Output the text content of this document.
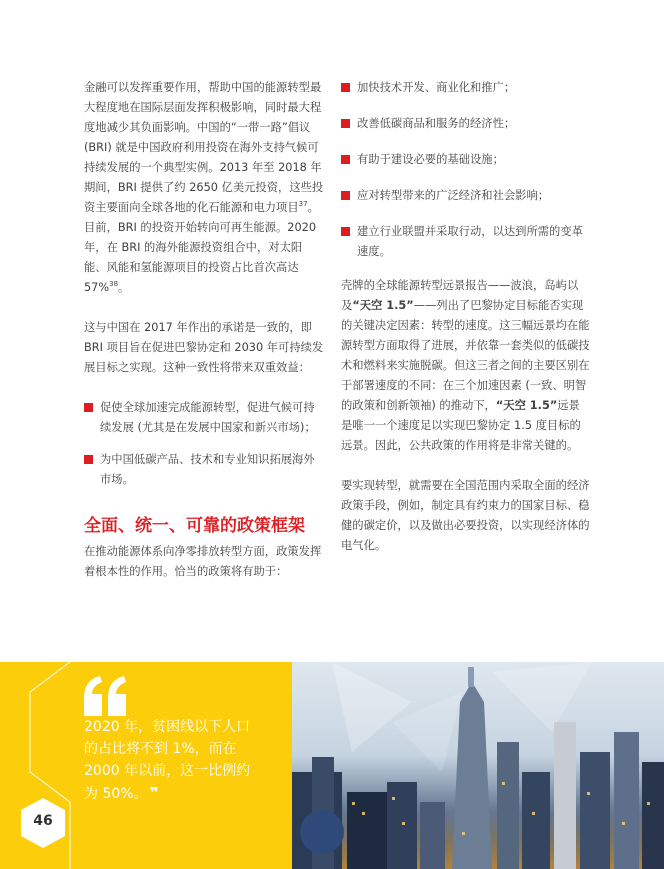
金融可以发挥重要作用，帮助中国的能源转型最大程度地在国际层面发挥积极影响，同时最大程度地减少其负面影响。中国的“一带一路”倡议 (BRI) 就是中国政府利用投资在海外支持气候可持续发展的一个典型实例。2013 年至 2018 年期间，BRI 提供了约 2650 亿美元投资，这些投资主要面向全球各地的化石能源和电力项目$^{37}$。目前，BRI 的投资开始转向可再生能源。2020 年，在 BRI 的海外能源投资组合中，对太阳能、风能和氢能源项目的投资占比首次高达 57%$^{38}$。

这与中国在 2017 年作出的承诺是一致的，即 BRI 项目旨在促进巴黎协定和 2030 年可持续发展目标之实现。这种一致性将带来双重效益：

促使全球加速完成能源转型，促进气候可持续发展 (尤其是在发展中国家和新兴市场)；
为中国低碳产品、技术和专业知识拓展海外市场。
全面、统一、可靠的政策框架

在推动能源体系向净零排放转型方面，政策发挥着根本性的作用。恰当的政策将有助于：

加快技术开发、商业化和推广；
改善低碳商品和服务的经济性；
有助于建设必要的基础设施；
应对转型带来的广泛经济和社会影响；
建立行业联盟并采取行动，以达到所需的变革速度。

壳牌的全球能源转型远景报告——波浪，岛屿以及“天空 1.5”——列出了巴黎协定目标能否实现的关键决定因素：转型的速度。这三幅远景均在能源转型方面取得了进展，并依靠一套类似的低碳技术和燃料来实施脱碳。但这三者之间的主要区别在于部署速度的不同：在三个加速因素 (一致、明智的政策和创新领袖) 的推动下，“天空 1.5”远景是唯一一个速度足以实现巴黎协定 1.5 度目标的远景。因此，公共政策的作用将是非常关键的。

要实现转型，就需要在全国范围内采取全面的经济政策手段，例如，制定具有约束力的国家目标、稳健的碳定价，以及做出必要投资，以实现经济体的电气化。

2020 年，贫困线以下人口的占比将不到 1%，而在 2000 年以前，这一比例约为 50%。 ❞
46
